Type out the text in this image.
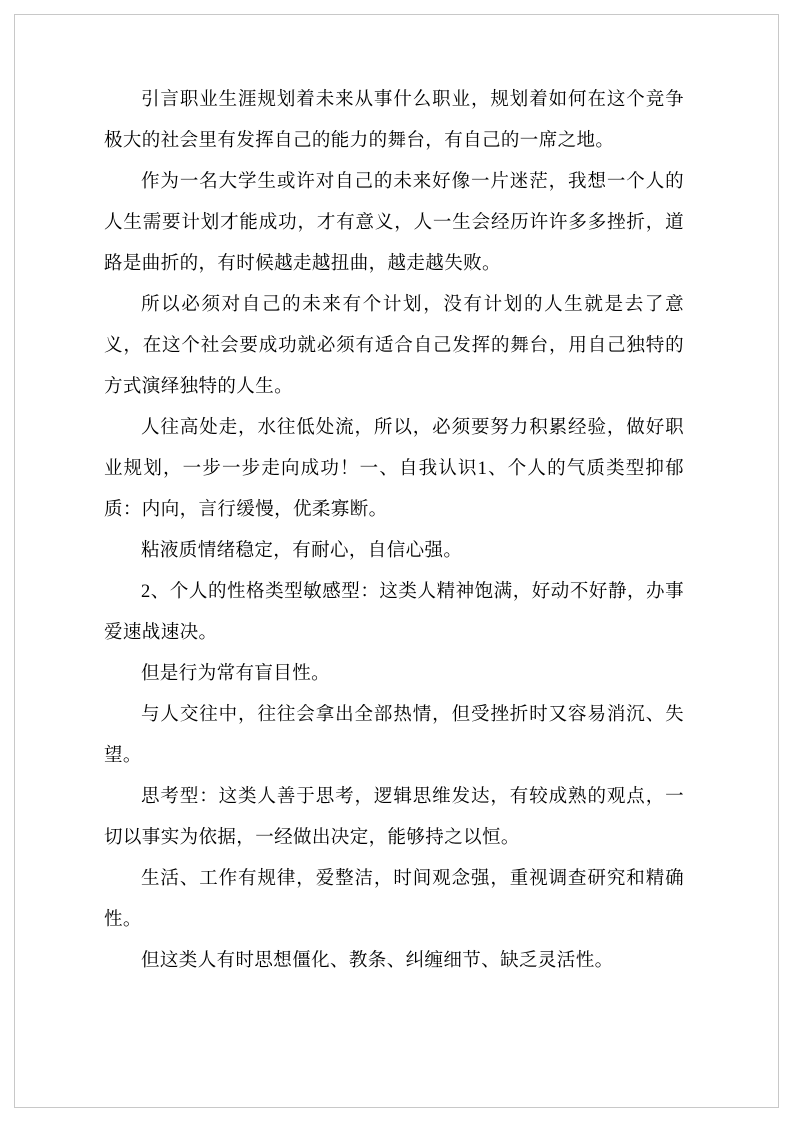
引言职业生涯规划着未来从事什么职业，规划着如何在这个竞争极大的社会里有发挥自己的能力的舞台，有自己的一席之地。

作为一名大学生或许对自己的未来好像一片迷茫，我想一个人的人生需要计划才能成功，才有意义，人一生会经历许许多多挫折，道路是曲折的，有时候越走越扭曲，越走越失败。

所以必须对自己的未来有个计划，没有计划的人生就是去了意义，在这个社会要成功就必须有适合自己发挥的舞台，用自己独特的方式演绎独特的人生。

人往高处走，水往低处流，所以，必须要努力积累经验，做好职业规划，一步一步走向成功！一、自我认识1、个人的气质类型抑郁质：内向，言行缓慢，优柔寡断。

粘液质情绪稳定，有耐心，自信心强。

2、个人的性格类型敏感型：这类人精神饱满，好动不好静，办事爱速战速决。

但是行为常有盲目性。

与人交往中，往往会拿出全部热情，但受挫折时又容易消沉、失望。

思考型：这类人善于思考，逻辑思维发达，有较成熟的观点，一切以事实为依据，一经做出决定，能够持之以恒。

生活、工作有规律，爱整洁，时间观念强，重视调查研究和精确性。

但这类人有时思想僵化、教条、纠缠细节、缺乏灵活性。
